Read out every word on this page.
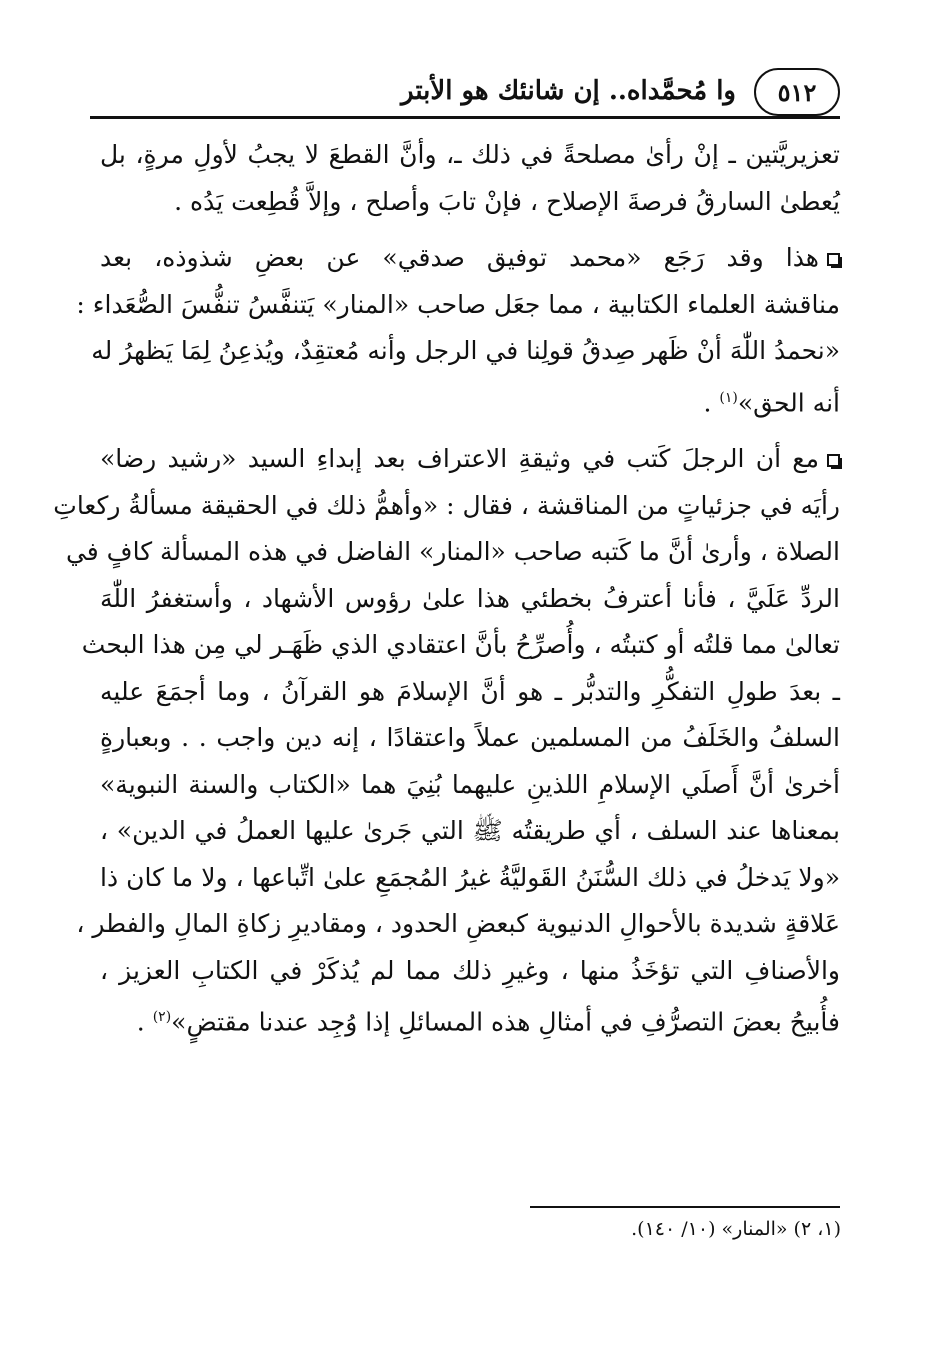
٥١٢
وا مُحمَّداه.. إن شانئك هو الأبتر
تعزيريَّتين ـ إنْ رأىٰ مصلحةً في ذلك ـ، وأنَّ القطعَ لا يجبُ لأولِ مرةٍ، بل
يُعطىٰ السارقُ فرصةَ الإصلاح ، فإنْ تابَ وأصلح ، وإلاَّ قُطِعت يَدُه .
هذا وقد رَجَع «محمد توفيق صدقي» عن بعضِ شذوذه، بعد
مناقشة العلماء الكتابية ، مما جعَل صاحب «المنار» يَتنفَّسُ تنفُّسَ الصُّعَداء :
«نحمدُ اللّٰهَ أنْ ظَهر صِدقُ قولِنا في الرجل وأنه مُعتقِدٌ، ويُذعِنُ لِمَا يَظهرُ له
أنه الحق»$^{(١)}$ .
مع أن الرجلَ كَتب في وثيقةِ الاعتراف بعد إبداءِ السيد «رشيد رضا»
رأيَه في جزئياتٍ من المناقشة ، فقال : «وأهمُّ ذلك في الحقيقة مسألةُ ركعاتِ
الصلاة ، وأرىٰ أنَّ ما كَتبه صاحب «المنار» الفاضل في هذه المسألة كافٍ في
الردِّ عَلَيَّ ، فأنا أعترفُ بخطئي هذا علىٰ رؤوس الأشهاد ، وأستغفرُ اللّٰهَ
تعالىٰ مما قلتُه أو كتبتُه ، وأُصرِّحُ بأنَّ اعتقادي الذي ظَهَـر لي مِن هذا البحث
ـ بعدَ طولِ التفكُّرِ والتدبُّر ـ هو أنَّ الإسلامَ هو القرآنُ ، وما أجمَعَ عليه
السلفُ والخَلَفُ من المسلمين عملاً واعتقادًا ، إنه دين واجب . . وبعبارةٍ
أخرىٰ أنَّ أَصلَي الإسلامِ اللذينِ عليهما بُنِيَ هما «الكتاب والسنة النبوية»
بمعناها عند السلف ، أي طريقتُه ﷺ التي جَرىٰ عليها العملُ في الدين» ،
«ولا يَدخلُ في ذلك السُّنَنُ القَوليَّةُ غيرُ المُجمَعِ علىٰ اتِّباعها ، ولا ما كان ذا
عَلاقةٍ شديدة بالأحوالِ الدنيوية كبعضِ الحدود ، ومقاديرِ زكاةِ المالِ والفطر ،
والأصنافِ التي تؤخَذُ منها ، وغيرِ ذلك مما لم يُذكَرْ في الكتابِ العزيز ،
فأُبيحُ بعضَ التصرُّفِ في أمثالِ هذه المسائلِ إذا وُجِد عندنا مقتضٍ»$^{(٢)}$ .
(١، ٢) «المنار» (١٠/ ١٤٠).
